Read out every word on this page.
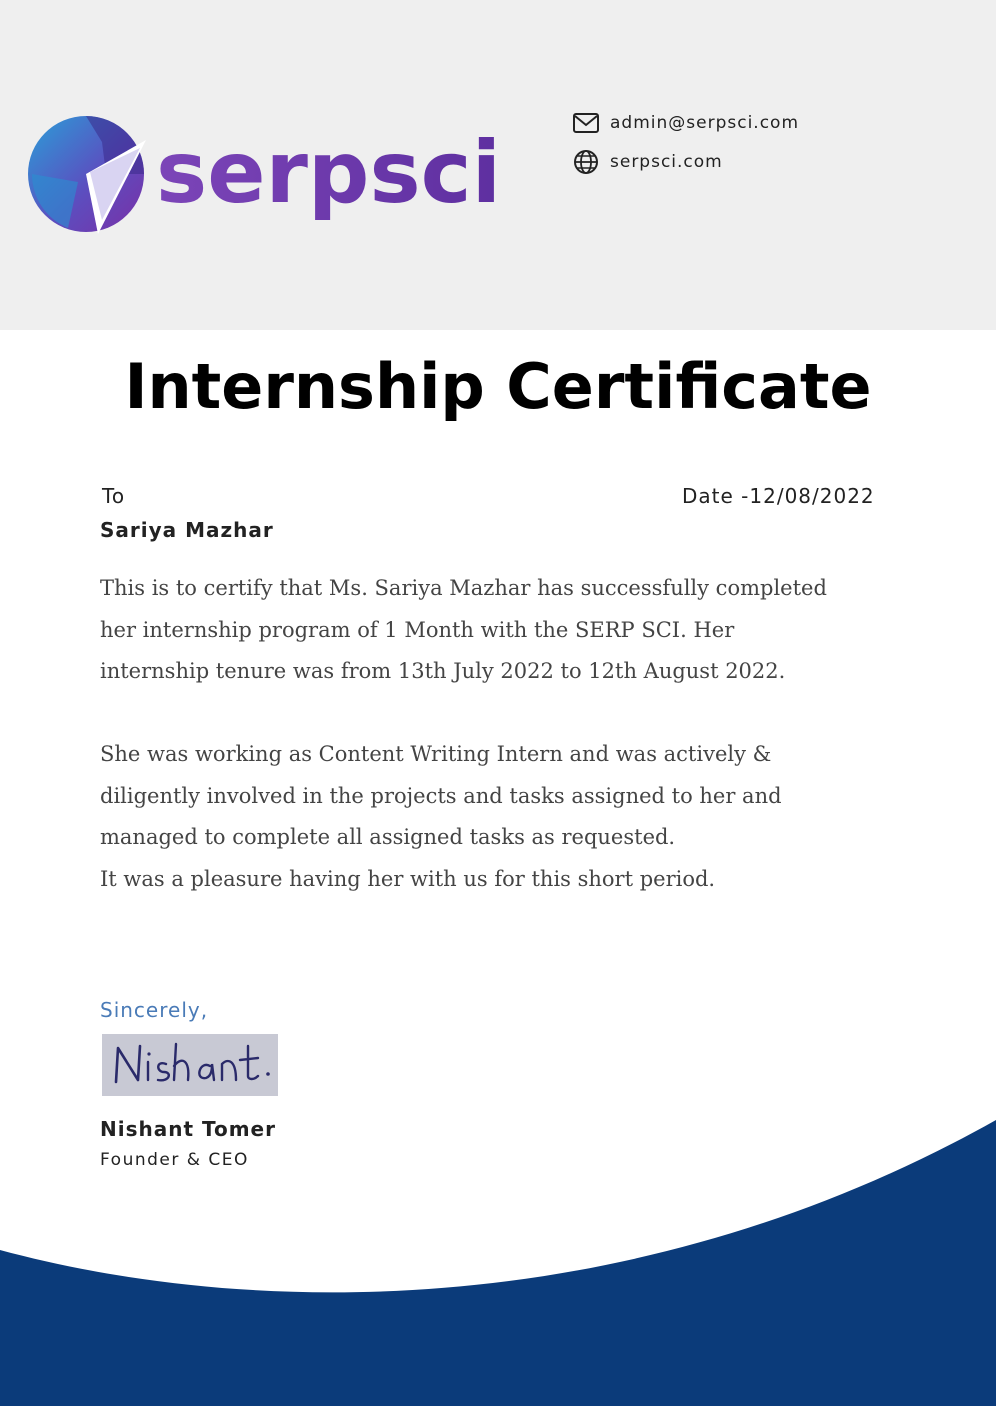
serpsci	admin@serpsci.com
serpsci.com
Internship Certificate
To	Date -12/08/2022
Sariya Mazhar
This is to certify that Ms. Sariya Mazhar has successfully completed
her internship program of 1 Month with the SERP SCI. Her
internship tenure was from 13th July 2022 to 12th August 2022.
She was working as Content Writing Intern and was actively &
diligently involved in the projects and tasks assigned to her and
managed to complete all assigned tasks as requested.
It was a pleasure having her with us for this short period.
Sincerely,
Nishant Tomer
Founder & CEO
